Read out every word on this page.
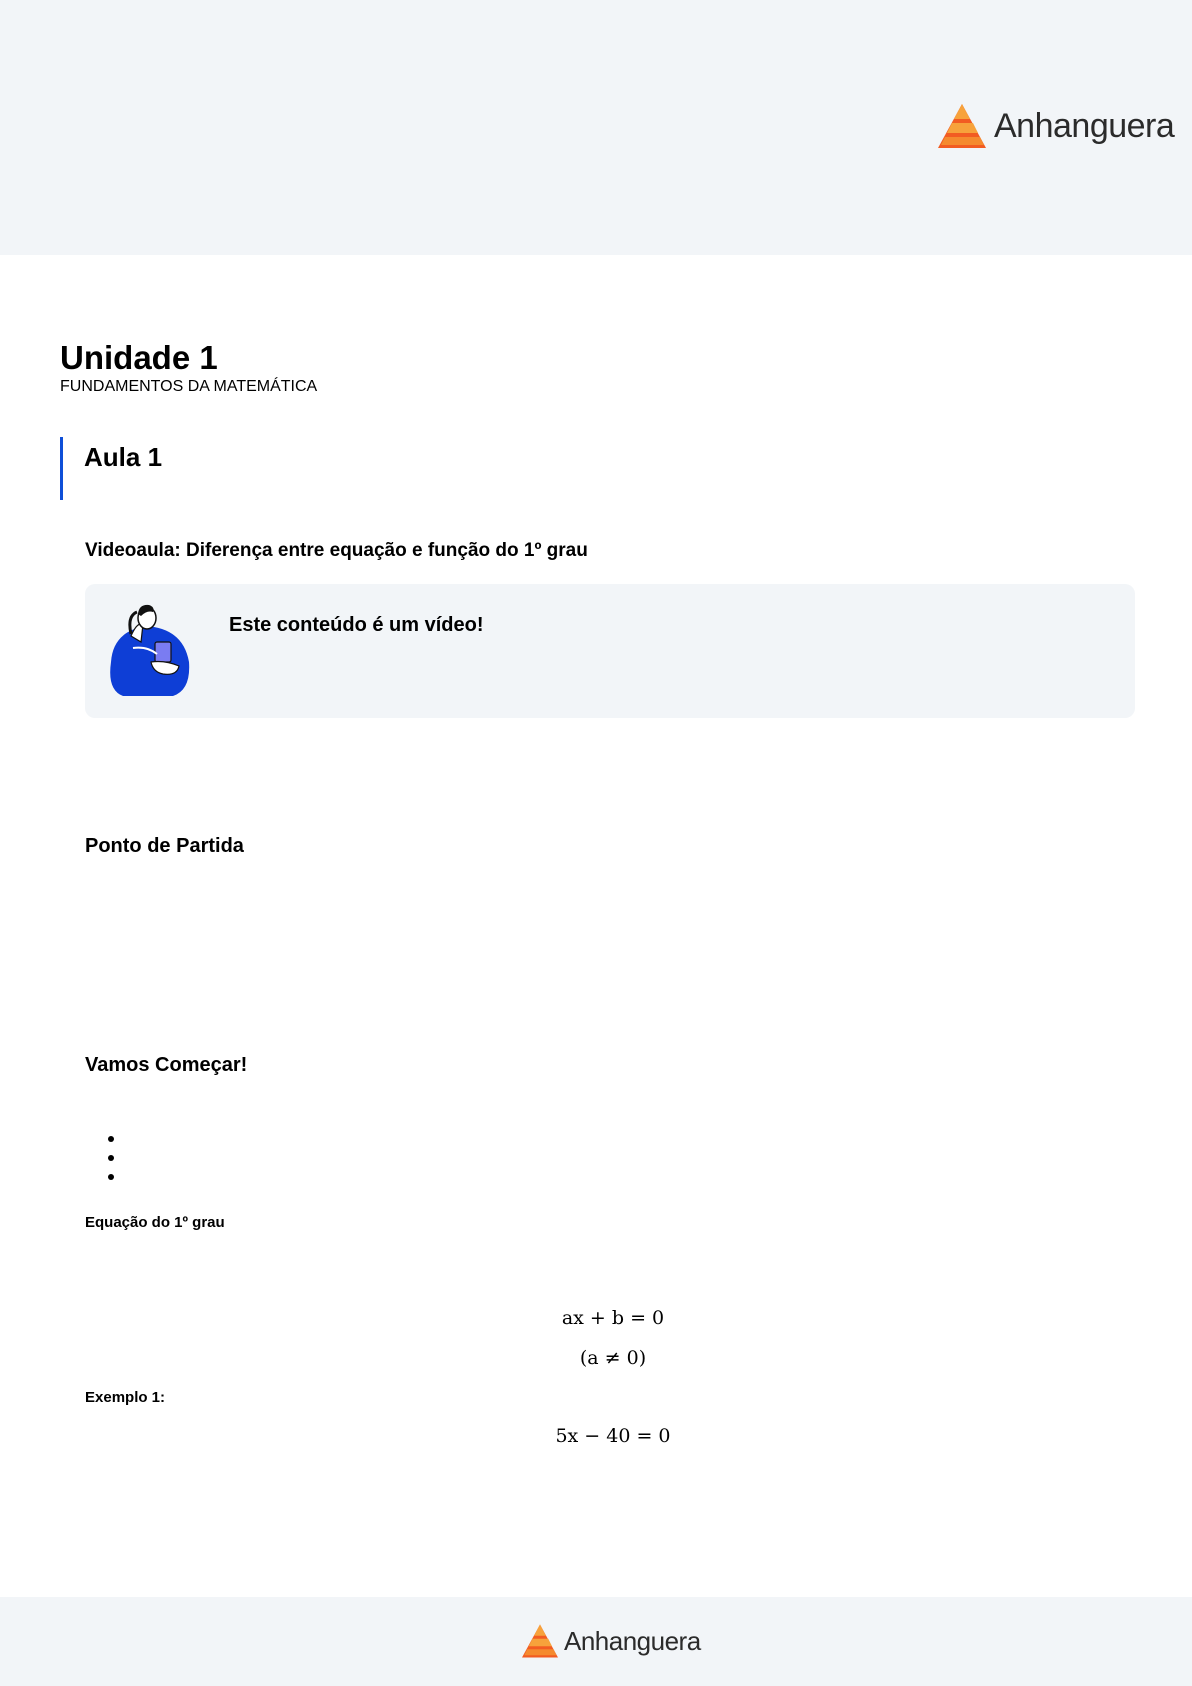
Anhanguera
Unidade 1
FUNDAMENTOS DA MATEMÁTICA
Aula 1
Videoaula: Diferença entre equação e função do 1º grau
Este conteúdo é um vídeo!
Ponto de Partida
Vamos Começar!
Equação do 1º grau
ax + b = 0
(a ≠ 0)
Exemplo 1:
5x − 40 = 0
Anhanguera
